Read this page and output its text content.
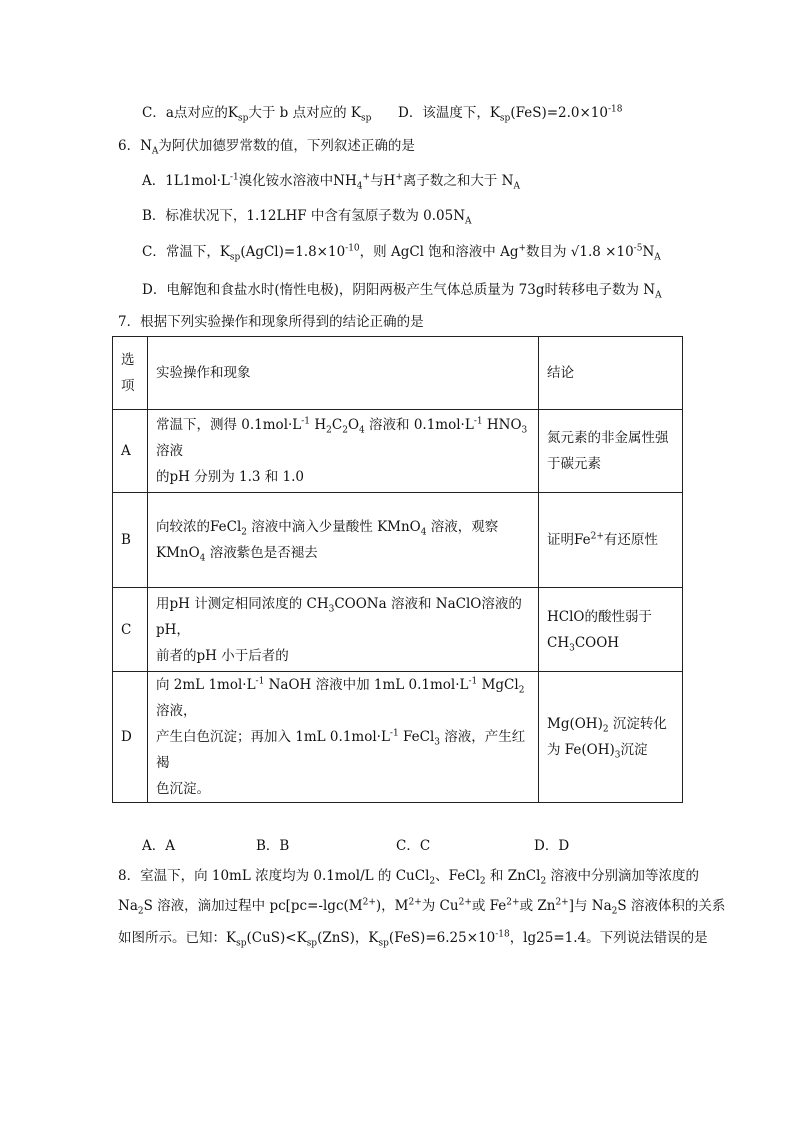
C．a点对应的$K_{sp}$大于 b 点对应的 $K_{sp}$ D．该温度下，$K_{sp}(FeS)=2.0\times 10^{-18}$
6．$N_A$为阿伏加德罗常数的值，下列叙述正确的是
A．$1L1mol\cdot L^{-1}$溴化铵水溶液中$NH_4^+$与H+离子数之和大于 $N_A$
B．标准状况下，1.12LHF 中含有氢原子数为 $0.05N_A$
C．常温下，$K_{sp}(AgCl)=1.8\times 10^{-10}$，则 AgCl 饱和溶液中 Ag+数目为 $√1.8 \times 10^{-5}N_A$
D．电解饱和食盐水时(惰性电极)，阴阳两极产生气体总质量为 73g时转移电子数为 $N_A$
7．根据下列实验操作和现象所得到的结论正确的是
选
项	实验操作和现象	结论
A	常温下，测得 $0.1mol\cdot L^{-1}$ $H_2C_2O_4$ 溶液和 $0.1mol\cdot L^{-1}$ $HNO_3$ 溶液
的pH 分别为 1.3 和 1.0	氮元素的非金属性强
于碳元素
B	向较浓的FeCl$_2$ 溶液中滴入少量酸性 KMnO$_4$ 溶液，观察
KMnO$_4$ 溶液紫色是否褪去	证明$Fe^{2+}$有还原性
C	用pH 计测定相同浓度的 $CH_3COONa$ 溶液和 NaClO溶液的pH，
前者的pH 小于后者的	HClO的酸性弱于
$CH_3COOH$
D	向 2mL $1mol\cdot L^{-1}$ NaOH 溶液中加 1mL $0.1mol\cdot L^{-1}$ MgCl$_2$ 溶液，
产生白色沉淀；再加入 1mL $0.1mol\cdot L^{-1}$ FeCl$_3$ 溶液，产生红褐
色沉淀。	$Mg(OH)_2$ 沉淀转化
为 $Fe(OH)_3$沉淀
A．A	B．B	C．C	D．D
8．室温下，向 10mL 浓度均为 0.1mol/L 的 CuCl$_2$、FeCl$_2$ 和 ZnCl$_2$ 溶液中分别滴加等浓度的
$Na_2S$ 溶液，滴加过程中 $pc[pc=-\lg c(M^{2+})$，$M^{2+}$为 $Cu^{2+}$或 $Fe^{2+}$或 $Zn^{2+}$]与 $Na_2S$ 溶液体积的关系
如图所示。已知：$K_{sp}(CuS)<K_{sp}(ZnS)$，$K_{sp}(FeS)=6.25\times 10^{-18}$，lg25=1.4。下列说法错误的是
